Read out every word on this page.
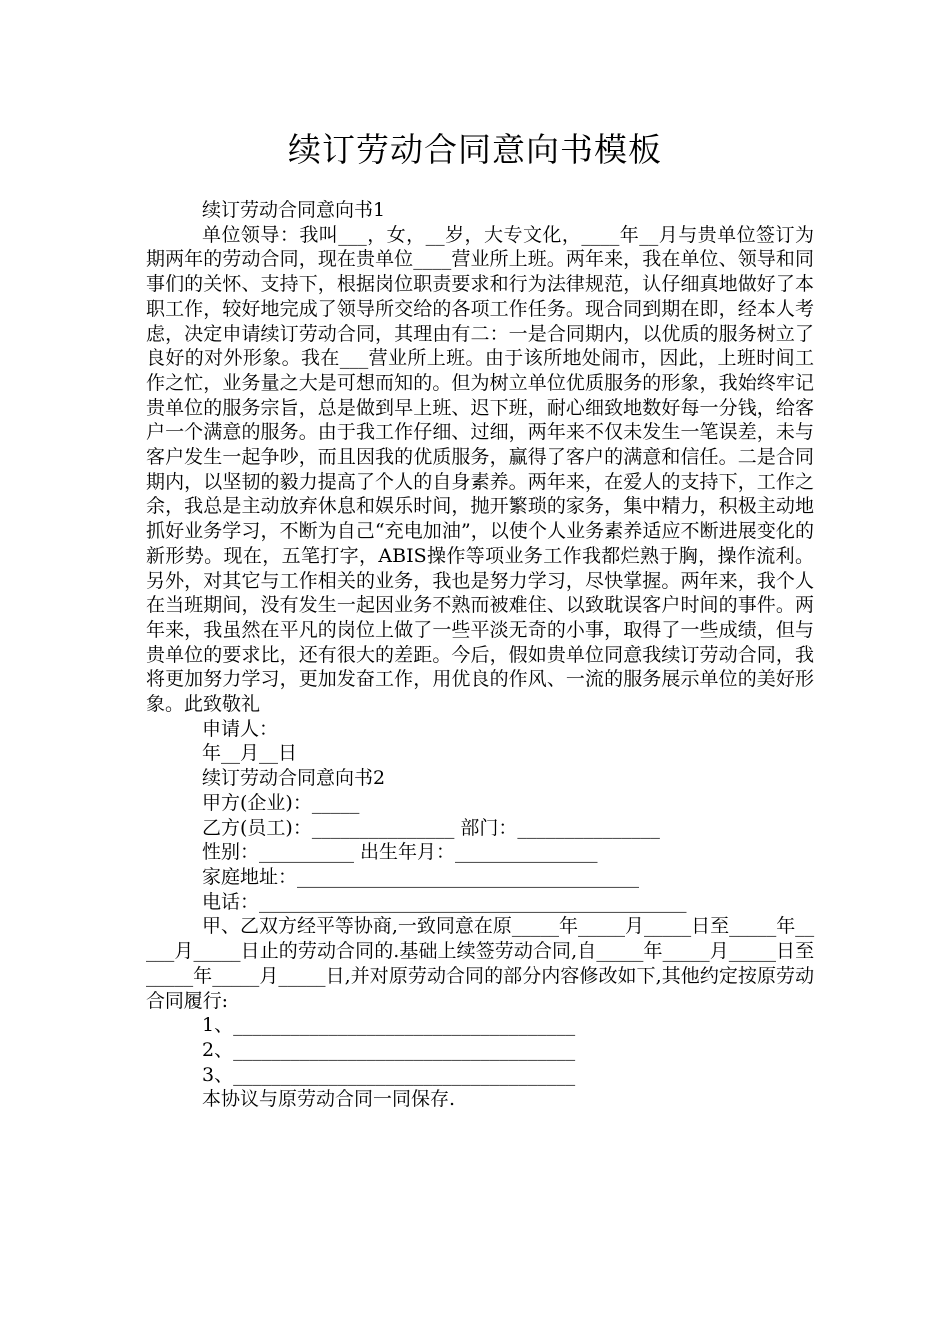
续订劳动合同意向书模板

续订劳动合同意向书1

单位领导：我叫___，女，__岁，大专文化，____年__月与贵单位签订为期两年的劳动合同，现在贵单位____营业所上班。两年来，我在单位、领导和同事们的关怀、支持下，根据岗位职责要求和行为法律规范，认仔细真地做好了本职工作，较好地完成了领导所交给的各项工作任务。现合同到期在即，经本人考虑，决定申请续订劳动合同，其理由有二：一是合同期内，以优质的服务树立了良好的对外形象。我在___营业所上班。由于该所地处闹市，因此，上班时间工作之忙，业务量之大是可想而知的。但为树立单位优质服务的形象，我始终牢记贵单位的服务宗旨，总是做到早上班、迟下班，耐心细致地数好每一分钱，给客户一个满意的服务。由于我工作仔细、过细，两年来不仅未发生一笔误差，未与客户发生一起争吵，而且因我的优质服务，赢得了客户的满意和信任。二是合同期内，以坚韧的毅力提高了个人的自身素养。两年来，在爱人的支持下，工作之余，我总是主动放弃休息和娱乐时间，抛开繁琐的家务，集中精力，积极主动地抓好业务学习，不断为自己“充电加油”，以使个人业务素养适应不断进展变化的新形势。现在，五笔打字，ABIS操作等项业务工作我都烂熟于胸，操作流利。另外，对其它与工作相关的业务，我也是努力学习，尽快掌握。两年来，我个人在当班期间，没有发生一起因业务不熟而被难住、以致耽误客户时间的事件。两年来，我虽然在平凡的岗位上做了一些平淡无奇的小事，取得了一些成绩，但与贵单位的要求比，还有很大的差距。今后，假如贵单位同意我续订劳动合同，我将更加努力学习，更加发奋工作，用优良的作风、一流的服务展示单位的美好形象。此致敬礼

申请人：

年__月__日

续订劳动合同意向书2

甲方(企业)：_____

乙方(员工)：_______________ 部门：_______________

性别：__________ 出生年月：_______________

家庭地址：____________________________________

电话：_____________________________________________

甲、乙双方经平等协商,一致同意在原_____年_____月_____日至_____年_____月_____日止的劳动合同的.基础上续签劳动合同,自_____年_____月_____日至_____年_____月_____日,并对原劳动合同的部分内容修改如下,其他约定按原劳动合同履行:

1、____________________________________

2、____________________________________

3、____________________________________

本协议与原劳动合同一同保存.
